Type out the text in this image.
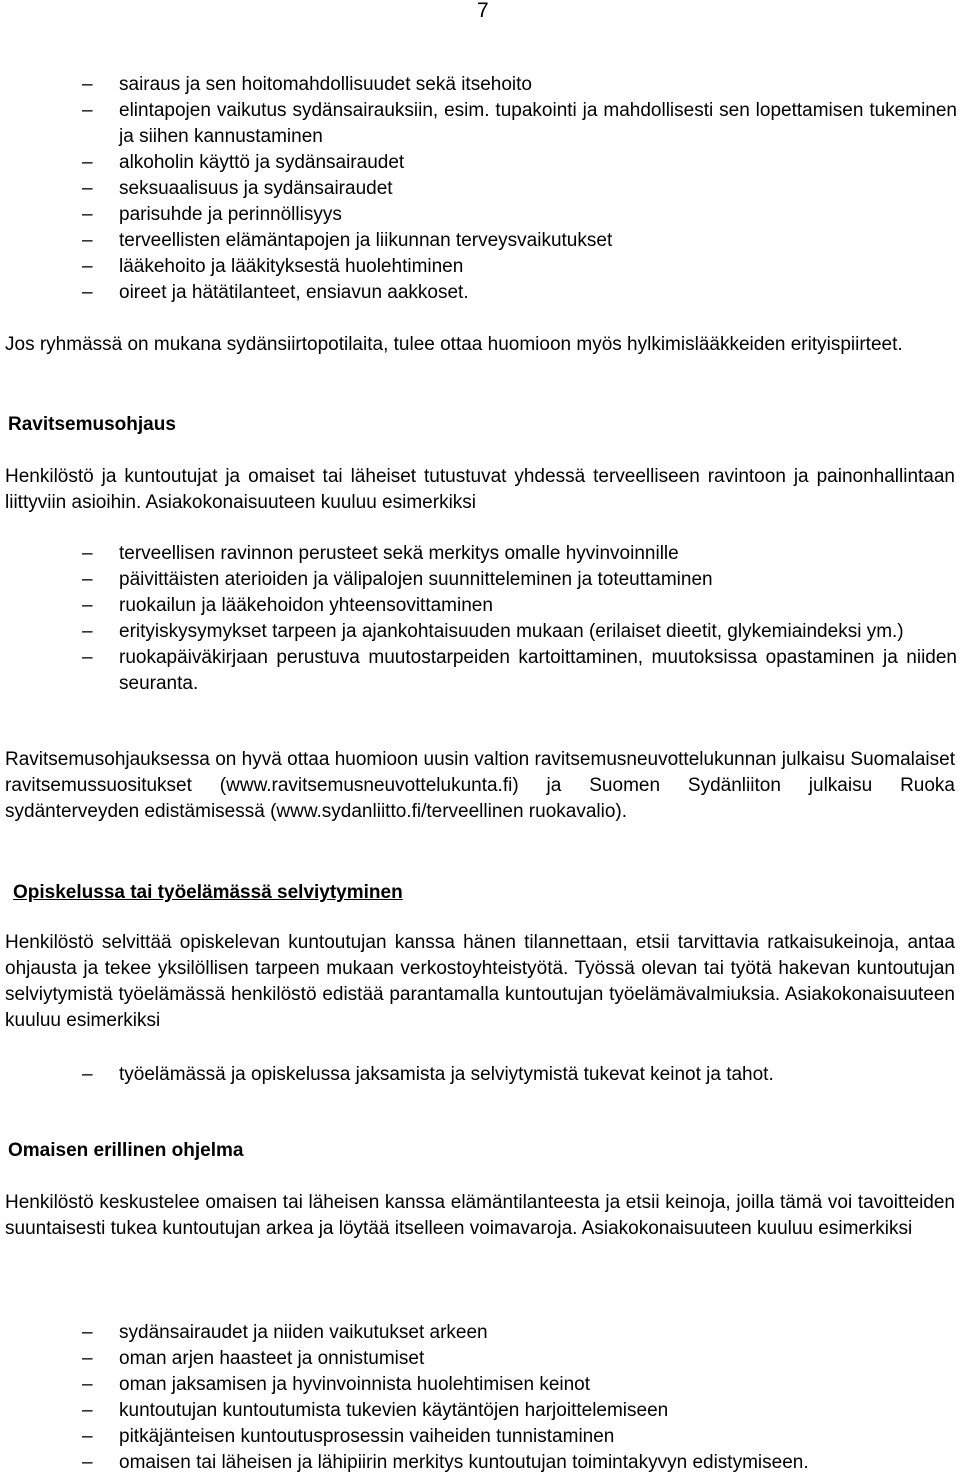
7
– sairaus ja sen hoitomahdollisuudet sekä itsehoito
– elintapojen vaikutus sydänsairauksiin, esim. tupakointi ja mahdollisesti sen lopettamisen tukeminen ja siihen kannustaminen
– alkoholin käyttö ja sydänsairaudet
– seksuaalisuus ja sydänsairaudet
– parisuhde ja perinnöllisyys
– terveellisten elämäntapojen ja liikunnan terveysvaikutukset
– lääkehoito ja lääkityksestä huolehtiminen
– oireet ja hätätilanteet, ensiavun aakkoset.

Jos ryhmässä on mukana sydänsiirtopotilaita, tulee ottaa huomioon myös hylkimislääkkeiden erityispiirteet.

Ravitsemusohjaus

Henkilöstö ja kuntoutujat ja omaiset tai läheiset tutustuvat yhdessä terveelliseen ravintoon ja painonhallintaan liittyviin asioihin. Asiakokonaisuuteen kuuluu esimerkiksi

– terveellisen ravinnon perusteet sekä merkitys omalle hyvinvoinnille
– päivittäisten aterioiden ja välipalojen suunnitteleminen ja toteuttaminen
– ruokailun ja lääkehoidon yhteensovittaminen
– erityiskysymykset tarpeen ja ajankohtaisuuden mukaan (erilaiset dieetit, glykemiaindeksi ym.)
– ruokapäiväkirjaan perustuva muutostarpeiden kartoittaminen, muutoksissa opastaminen ja niiden seuranta.

Ravitsemusohjauksessa on hyvä ottaa huomioon uusin valtion ravitsemusneuvottelukunnan julkaisu Suomalaiset ravitsemussuositukset (www.ravitsemusneuvottelukunta.fi) ja Suomen Sydänliiton julkaisu Ruoka sydänterveyden edistämisessä (www.sydanliitto.fi/terveellinen ruokavalio).

Opiskelussa tai työelämässä selviytyminen

Henkilöstö selvittää opiskelevan kuntoutujan kanssa hänen tilannettaan, etsii tarvittavia ratkaisukeinoja, antaa ohjausta ja tekee yksilöllisen tarpeen mukaan verkostoyhteistyötä. Työssä olevan tai työtä hakevan kuntoutujan selviytymistä työelämässä henkilöstö edistää parantamalla kuntoutujan työelämävalmiuksia. Asiakokonaisuuteen kuuluu esimerkiksi

– työelämässä ja opiskelussa jaksamista ja selviytymistä tukevat keinot ja tahot.
Omaisen erillinen ohjelma

Henkilöstö keskustelee omaisen tai läheisen kanssa elämäntilanteesta ja etsii keinoja, joilla tämä voi tavoitteiden suuntaisesti tukea kuntoutujan arkea ja löytää itselleen voimavaroja. Asiakokonaisuuteen kuuluu esimerkiksi

– sydänsairaudet ja niiden vaikutukset arkeen
– oman arjen haasteet ja onnistumiset
– oman jaksamisen ja hyvinvoinnista huolehtimisen keinot
– kuntoutujan kuntoutumista tukevien käytäntöjen harjoittelemiseen
– pitkäjänteisen kuntoutusprosessin vaiheiden tunnistaminen
– omaisen tai läheisen ja lähipiirin merkitys kuntoutujan toimintakyvyn edistymiseen.
